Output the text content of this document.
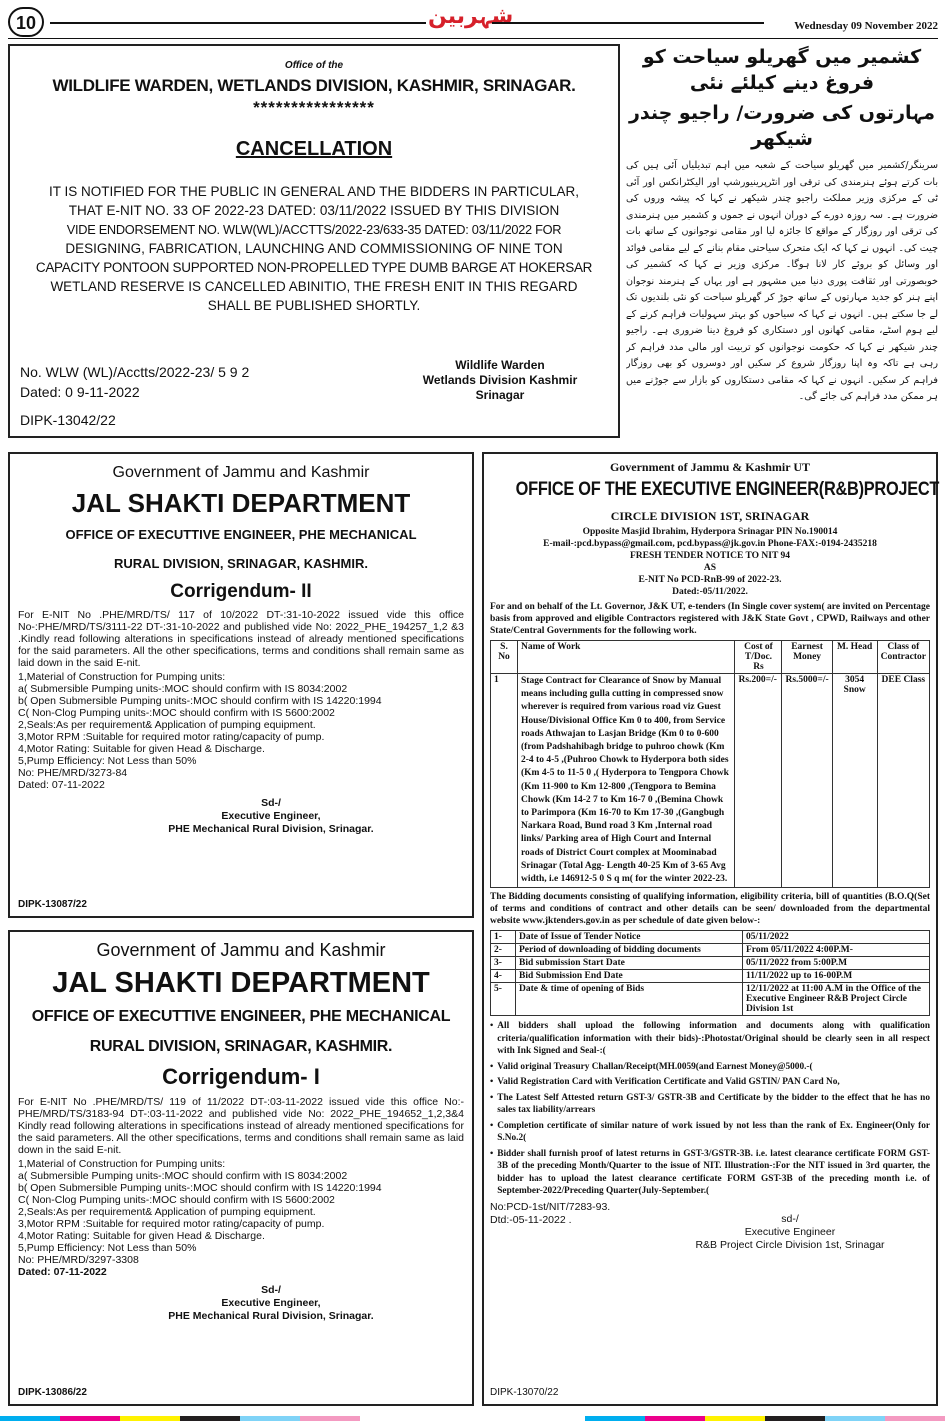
10	شہربین	Wednesday 09 November 2022
Office of the
WILDLIFE WARDEN, WETLANDS DIVISION, KASHMIR, SRINAGAR.
****************
CANCELLATION
IT IS NOTIFIED FOR THE PUBLIC IN GENERAL AND THE BIDDERS IN PARTICULAR,
THAT E-NIT NO. 33 OF 2022-23 DATED: 03/11/2022 ISSUED BY THIS DIVISION
VIDE ENDORSEMENT NO. WLW(WL)/ACCTTS/2022-23/633-35 DATED: 03/11/2022 FOR
DESIGNING, FABRICATION, LAUNCHING AND COMMISSIONING OF NINE TON
CAPACITY PONTOON SUPPORTED NON-PROPELLED TYPE DUMB BARGE AT HOKERSAR
WETLAND RESERVE IS CANCELLED ABINITIO, THE FRESH ENIT IN THIS REGARD
SHALL BE PUBLISHED SHORTLY.
No. WLW (WL)/Acctts/2022-23/ 5 9 2
Dated: 0 9-11-2022
Wildlife Warden
Wetlands Division Kashmir
Srinagar
DIPK-13042/22
کشمیر میں گھریلو سیاحت کو فروغ دینے کیلئے نئی
مہارتوں کی ضرورت/ راجیو چندر شیکھر
سرینگر/کشمیر میں گھریلو سیاحت کے شعبہ میں اہم تبدیلیاں آئی ہیں کی بات کرتے ہوئے ہنرمندی کی ترقی اور انٹرپرینیورشپ اور الیکٹرانکس اور آئی ٹی کے مرکزی وزیر مملکت راجیو چندر شیکھر نے کہا کہ پیشہ وروں کی ضرورت ہے۔ سہ روزہ دورے کے دوران انہوں نے جموں و کشمیر میں ہنرمندی کی ترقی اور روزگار کے مواقع کا جائزہ لیا اور مقامی نوجوانوں کے ساتھ بات چیت کی۔ انہوں نے کہا کہ ایک متحرک سیاحتی مقام بنانے کے لیے مقامی فوائد اور وسائل کو بروئے کار لانا ہوگا۔ مرکزی وزیر نے کہا کہ کشمیر کی خوبصورتی اور ثقافت پوری دنیا میں مشہور ہے اور یہاں کے ہنرمند نوجوان اپنے ہنر کو جدید مہارتوں کے ساتھ جوڑ کر گھریلو سیاحت کو نئی بلندیوں تک لے جا سکتے ہیں۔ انہوں نے کہا کہ سیاحوں کو بہتر سہولیات فراہم کرنے کے لیے ہوم اسٹے، مقامی کھانوں اور دستکاری کو فروغ دینا ضروری ہے۔ راجیو چندر شیکھر نے کہا کہ حکومت نوجوانوں کو تربیت اور مالی مدد فراہم کر رہی ہے تاکہ وہ اپنا روزگار شروع کر سکیں اور دوسروں کو بھی روزگار فراہم کر سکیں۔ انہوں نے کہا کہ مقامی دستکاروں کو بازار سے جوڑنے میں ہر ممکن مدد فراہم کی جائے گی۔
Government of Jammu and Kashmir
JAL SHAKTI DEPARTMENT
OFFICE OF EXECUTTIVE ENGINEER, PHE MECHANICAL
RURAL DIVISION, SRINAGAR, KASHMIR.
Corrigendum- II
For E-NIT No .PHE/MRD/TS/ 117 of 10/2022 DT-:31-10-2022 issued vide this office No-:PHE/MRD/TS/3111-22 DT-:31-10-2022 and published vide No: 2022_PHE_194257_1,2 &3 .Kindly read following alterations in specifications instead of already mentioned specifications for the said parameters. All the other specifications, terms and conditions shall remain same as laid down in the said E-nit.
1,Material of Construction for Pumping units:
a( Submersible Pumping units-:MOC should confirm with IS 8034:2002
b( Open Submersible Pumping units-:MOC should confirm with IS 14220:1994
C( Non-Clog Pumping units-:MOC should confirm with IS 5600:2002
2,Seals:As per requirement& Application of pumping equipment.
3,Motor RPM :Suitable for required motor rating/capacity of pump.
4,Motor Rating: Suitable for given Head & Discharge.
5,Pump Efficiency: Not Less than 50%
No: PHE/MRD/3273-84
Dated: 07-11-2022
Sd-/
Executive Engineer,
PHE Mechanical Rural Division, Srinagar.
DIPK-13087/22
Government of Jammu and Kashmir
JAL SHAKTI DEPARTMENT
OFFICE OF EXECUTTIVE ENGINEER, PHE MECHANICAL
RURAL DIVISION, SRINAGAR, KASHMIR.
Corrigendum- I
For E-NIT No .PHE/MRD/TS/ 119 of 11/2022 DT-:03-11-2022 issued vide this office No:-PHE/MRD/TS/3183-94 DT-:03-11-2022 and published vide No: 2022_PHE_194652_1,2,3&4 Kindly read following alterations in specifications instead of already mentioned specifications for the said parameters. All the other specifications, terms and conditions shall remain same as laid down in the said E-nit.
1,Material of Construction for Pumping units:
a( Submersible Pumping units-:MOC should confirm with IS 8034:2002
b( Open Submersible Pumping units-:MOC should confirm with IS 14220:1994
C( Non-Clog Pumping units-:MOC should confirm with IS 5600:2002
2,Seals:As per requirement& Application of pumping equipment.
3,Motor RPM :Suitable for required motor rating/capacity of pump.
4,Motor Rating: Suitable for given Head & Discharge.
5,Pump Efficiency: Not Less than 50%
No: PHE/MRD/3297-3308
Dated: 07-11-2022
Sd-/
Executive Engineer,
PHE Mechanical Rural Division, Srinagar.
DIPK-13086/22
Government of Jammu & Kashmir UT
OFFICE OF THE EXECUTIVE ENGINEER(R&B)PROJECT
CIRCLE DIVISION 1ST, SRINAGAR
Opposite Masjid Ibrahim, Hyderpora Srinagar PIN No.190014
E-mail-:pcd.bypass@gmail.com, pcd.bypass@jk.gov.in Phone-FAX:-0194-2435218
FRESH TENDER NOTICE TO NIT 94
AS
E-NIT No PCD-RnB-99 of 2022-23.
Dated:-05/11/2022.
For and on behalf of the Lt. Governor, J&K UT, e-tenders (In Single cover system( are invited on Percentage basis from approved and eligible Contractors registered with J&K State Govt , CPWD, Railways and other State/Central Governments for the following work.
S. No	Name of Work	Cost of T/Doc. Rs	Earnest Money	M. Head	Class of Contractor
1	Stage Contract for Clearance of Snow by Manual means including gulla cutting in compressed snow wherever is required from various road viz Guest House/Divisional Office Km 0 to 400, from Service roads Athwajan to Lasjan Bridge (Km 0 to 0-600 (from Padshahibagh bridge to puhroo chowk (Km 2-4 to 4-5 ,(Puhroo Chowk to Hyderpora both sides (Km 4-5 to 11-5 0 ,( Hyderpora to Tengpora Chowk (Km 11-900 to Km 12-800 ,(Tengpora to Bemina Chowk (Km 14-2 7 to Km 16-7 0 ,(Bemina Chowk to Parimpora (Km 16-70 to Km 17-30 ,(Gangbugh Narkara Road, Bund road 3 Km ,Internal road links/ Parking area of High Court and Internal roads of District Court complex at Moominabad Srinagar (Total Agg- Length 40-25 Km of 3-65 Avg width, i.e 146912-5 0 S q m( for the winter 2022-23.	Rs.200=/-	Rs.5000=/-	3054 Snow	DEE Class
The Bidding documents consisting of qualifying information, eligibility criteria, bill of quantities (B.O.Q(Set of terms and conditions of contract and other details can be seen/ downloaded from the departmental website www.jktenders.gov.in as per schedule of date given below-:
1-	Date of Issue of Tender Notice	05/11/2022
2-	Period of downloading of bidding documents	From 05/11/2022 4:00P.M-
3-	Bid submission Start Date	05/11/2022 from 5:00P.M
4-	Bid Submission End Date	11/11/2022 up to 16-00P.M
5-	Date & time of opening of Bids	12/11/2022 at 11:00 A.M in the Office of the Executive Engineer R&B Project Circle Division 1st
• All bidders shall upload the following information and documents along with qualification criteria/qualification information with their bids)-:Photostat/Original should be clearly seen in all respect with Ink Signed and Seal-:(
• Valid original Treasury Challan/Receipt(MH.0059(and Earnest Money@5000.-(
• Valid Registration Card with Verification Certificate and Valid GSTIN/ PAN Card No,
• The Latest Self Attested return GST-3/ GSTR-3B and Certificate by the bidder to the effect that he has no sales tax liability/arrears
• Completion certificate of similar nature of work issued by not less than the rank of Ex. Engineer(Only for S.No.2(
• Bidder shall furnish proof of latest returns in GST-3/GSTR-3B. i.e. latest clearance certificate FORM GST-3B of the preceding Month/Quarter to the issue of NIT. Illustration-:For the NIT issued in 3rd quarter, the bidder has to upload the latest clearance certificate FORM GST-3B of the preceding month i.e. of September-2022/Preceding Quarter(July-September.(
No:PCD-1st/NIT/7283-93.
Dtd:-05-11-2022 .	sd-/
Executive Engineer
R&B Project Circle Division 1st, Srinagar
DIPK-13070/22
